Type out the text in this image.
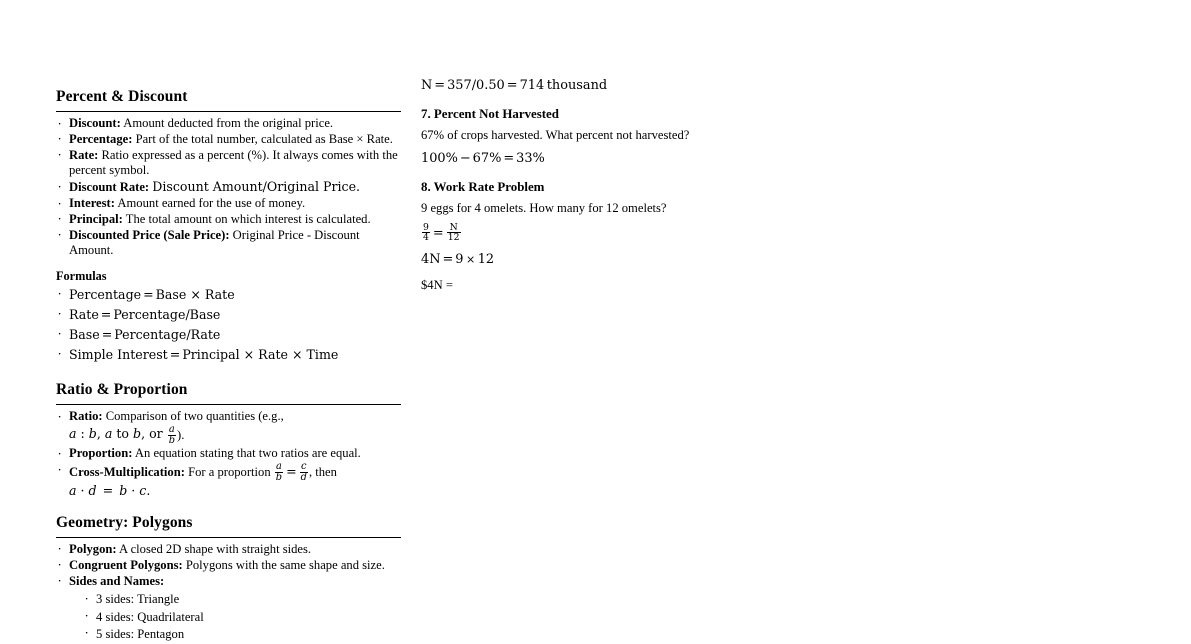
Percent & Discount
∙ Discount: Amount deducted from the original price.
∙ Percentage: Part of the total number, calculated as Base × Rate.
∙ Rate: Ratio expressed as a percent (%). It always comes with the percent symbol.
∙ Discount Rate: Discount Amount/Original Price.
∙ Interest: Amount earned for the use of money.
∙ Principal: The total amount on which interest is calculated.
∙ Discounted Price (Sale Price): Original Price - Discount Amount.
Formulas
∙ Percentage = Base × Rate
∙ Rate = Percentage/Base
∙ Base = Percentage/Rate
∙ Simple Interest = Principal × Rate × Time
Ratio & Proportion
∙ Ratio: Comparison of two quantities (e.g., a : b, a to b, or $\frac{a}{b}$ ).
∙ Proportion: An equation stating that two ratios are equal.
∙ Cross-Multiplication: For a proportion $\frac{a}{b} = \frac{c}{d}$ , then a · d = b · c.
Geometry: Polygons
∙ Polygon: A closed 2D shape with straight sides.
∙ Congruent Polygons: Polygons with the same shape and size.
∙ Sides and Names:
∙ 3 sides: Triangle
∙ 4 sides: Quadrilateral
∙ 5 sides: Pentagon
N = 357/0.50 = 714  thousand
7. Percent Not Harvested
67% of crops harvested. What percent not harvested?
100% − 67% = 33%
8. Work Rate Problem
9 eggs for 4 omelets. How many for 12 omelets?
$\frac{9}{4} = \frac{N}{12}$
4N = 9 × 12
$4N =
